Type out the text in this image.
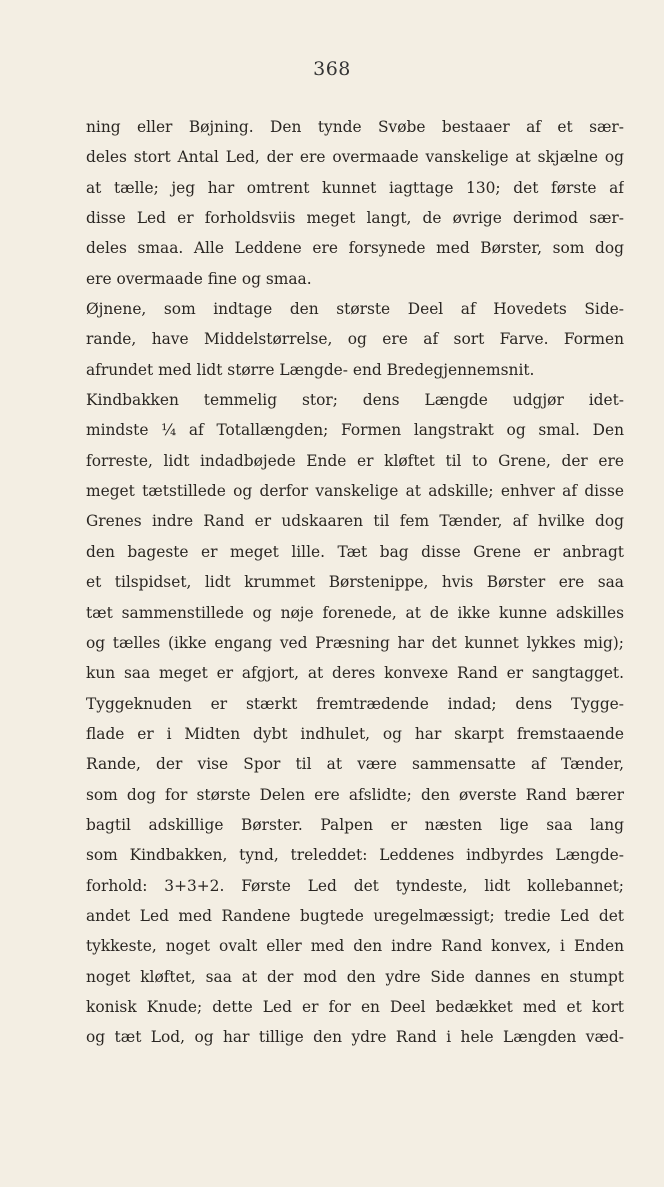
368
ning eller Bøjning. Den tynde Svøbe bestaaer af et sær-
deles stort Antal Led, der ere overmaade vanskelige at skjælne og
at tælle; jeg har omtrent kunnet iagttage 130; det første af
disse Led er forholdsviis meget langt, de øvrige derimod sær-
deles smaa. Alle Leddene ere forsynede med Børster, som dog
ere overmaade fine og smaa.
Øjnene, som indtage den største Deel af Hovedets Side-
rande, have Middelstørrelse, og ere af sort Farve. Formen
afrundet med lidt større Længde- end Bredegjennemsnit.
Kindbakken temmelig stor; dens Længde udgjør idet-
mindste ¼ af Totallængden; Formen langstrakt og smal. Den
forreste, lidt indadbøjede Ende er kløftet til to Grene, der ere
meget tætstillede og derfor vanskelige at adskille; enhver af disse
Grenes indre Rand er udskaaren til fem Tænder, af hvilke dog
den bageste er meget lille. Tæt bag disse Grene er anbragt
et tilspidset, lidt krummet Børstenippe, hvis Børster ere saa
tæt sammenstillede og nøje forenede, at de ikke kunne adskilles
og tælles (ikke engang ved Præsning har det kunnet lykkes mig);
kun saa meget er afgjort, at deres konvexe Rand er sangtagget.
Tyggeknuden er stærkt fremtrædende indad; dens Tygge-
flade er i Midten dybt indhulet, og har skarpt fremstaaende
Rande, der vise Spor til at være sammensatte af Tænder,
som dog for største Delen ere afslidte; den øverste Rand bærer
bagtil adskillige Børster. Palpen er næsten lige saa lang
som Kindbakken, tynd, treleddet: Leddenes indbyrdes Længde-
forhold: 3+3+2. Første Led det tyndeste, lidt kollebannet;
andet Led med Randene bugtede uregelmæssigt; tredie Led det
tykkeste, noget ovalt eller med den indre Rand konvex, i Enden
noget kløftet, saa at der mod den ydre Side dannes en stumpt
konisk Knude; dette Led er for en Deel bedækket med et kort
og tæt Lod, og har tillige den ydre Rand i hele Længden væd-
